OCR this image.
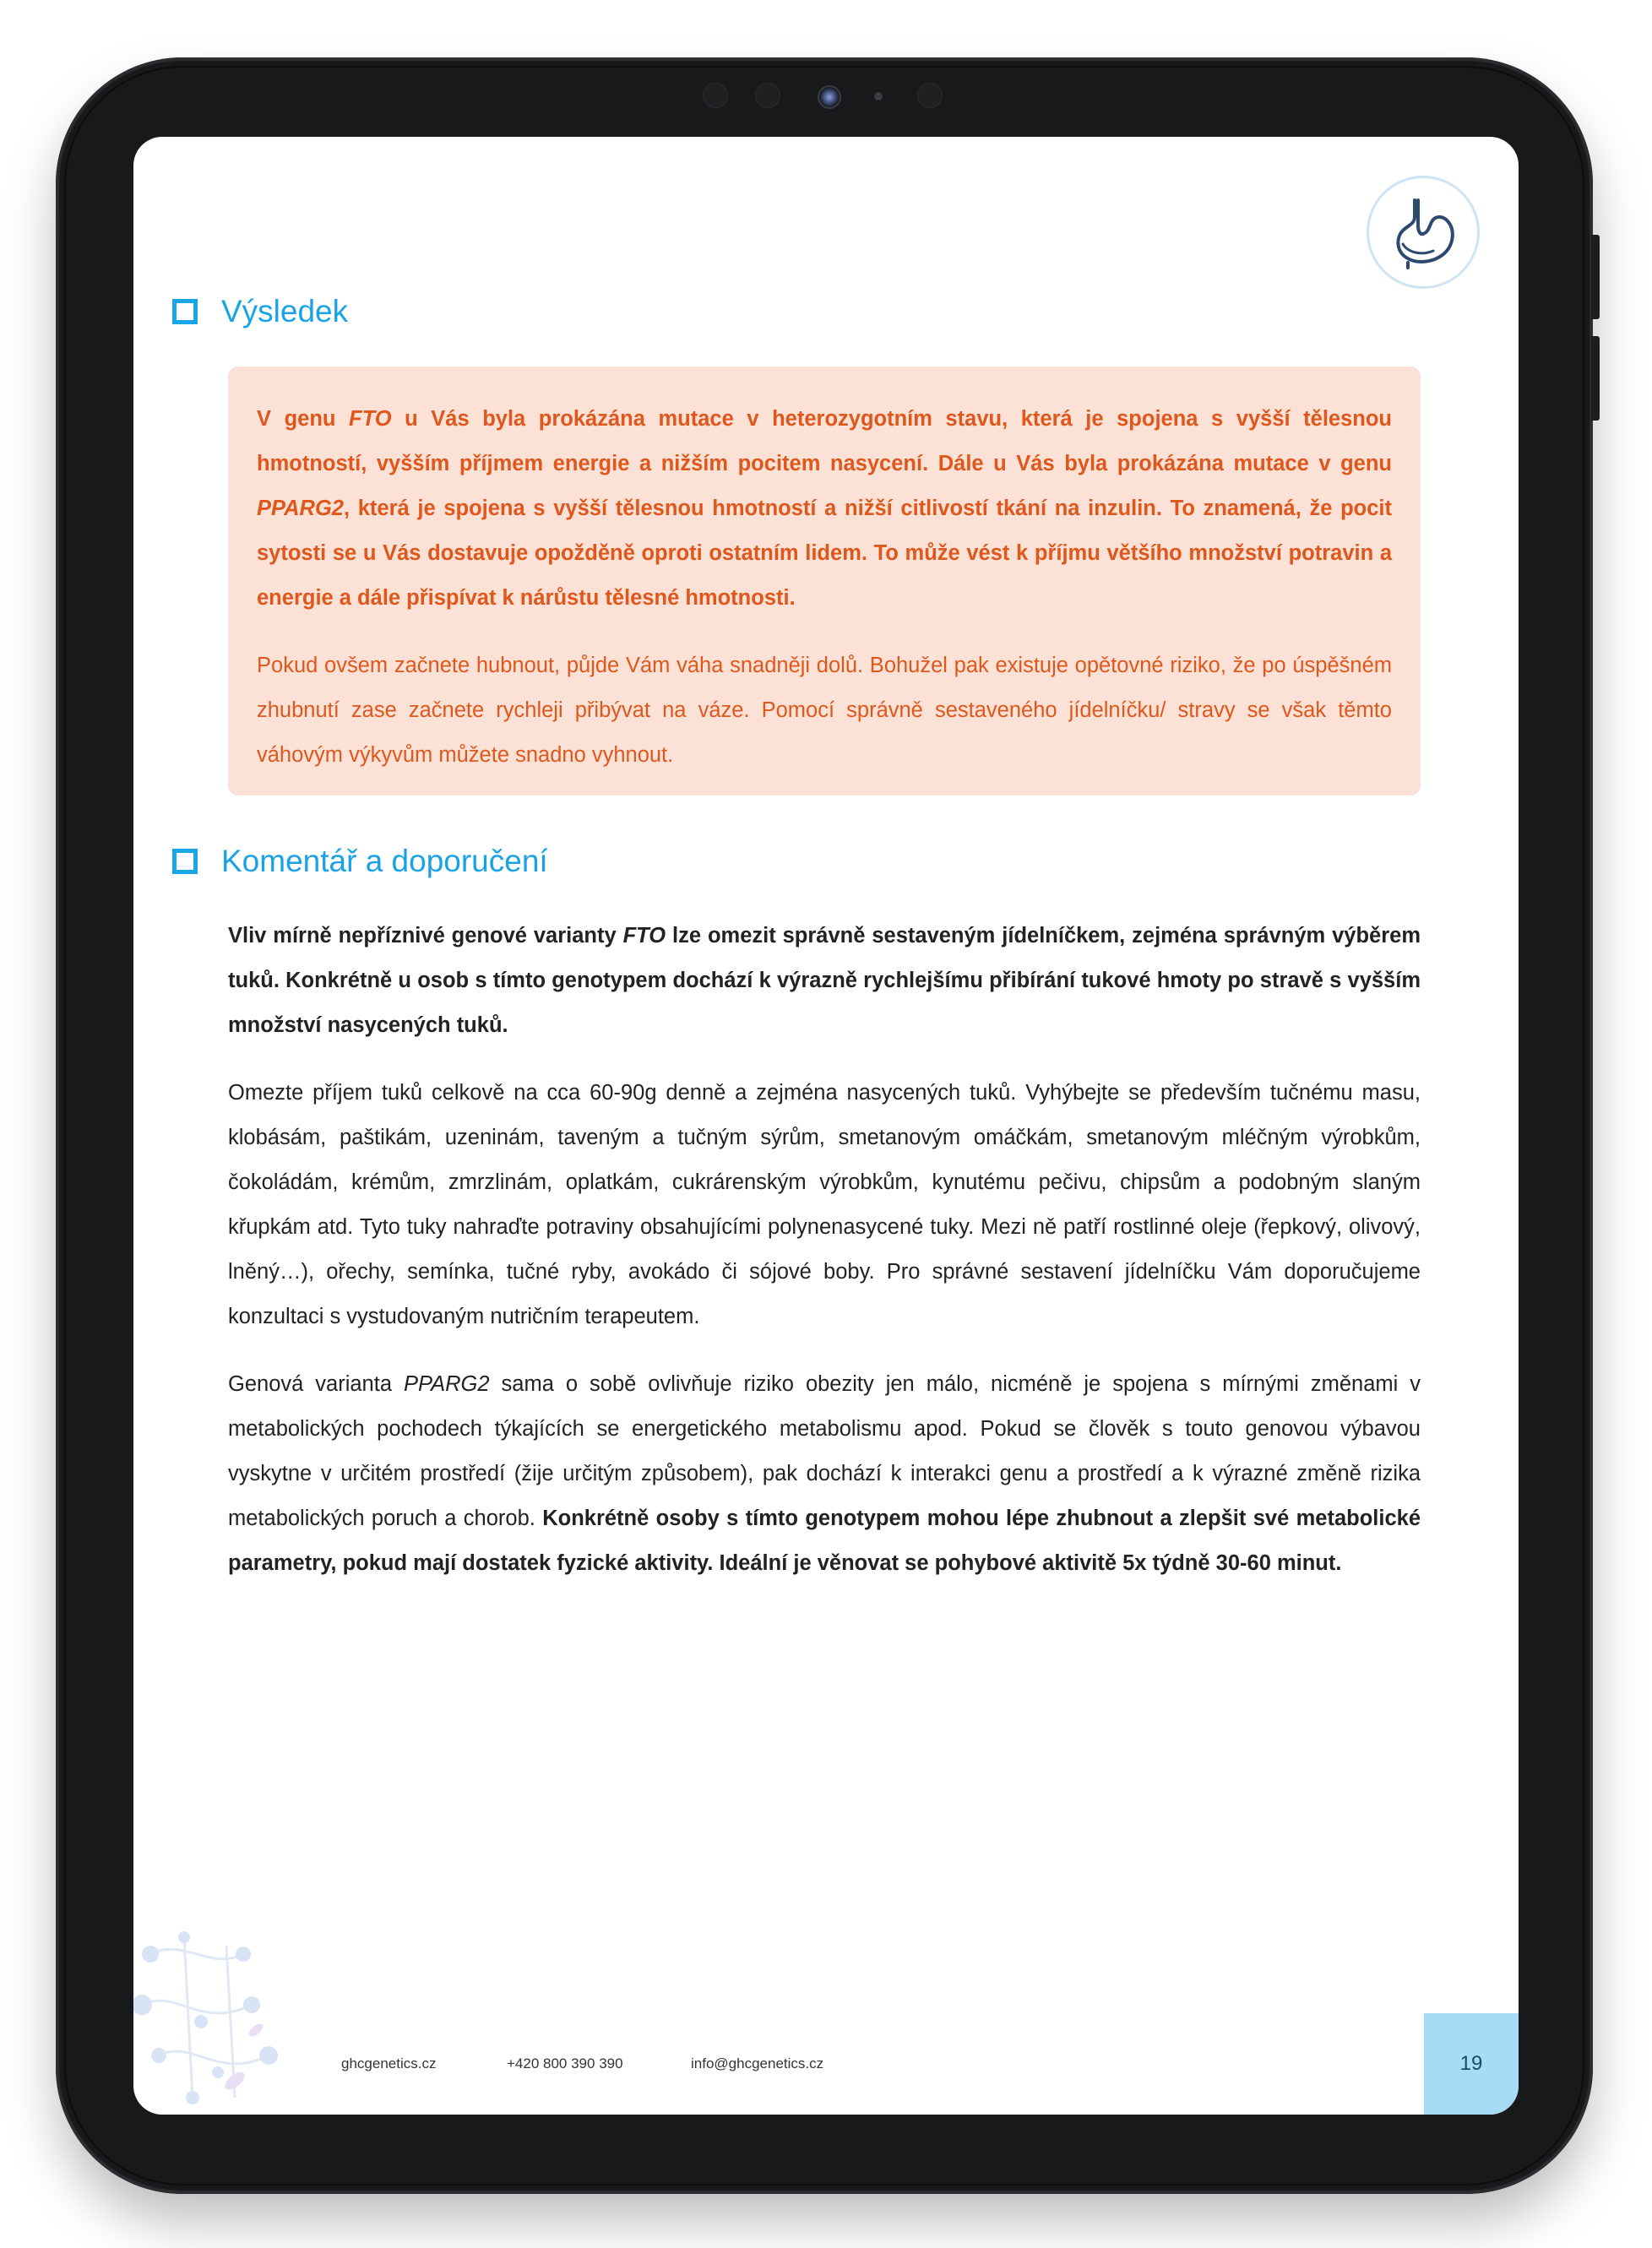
Výsledek

V genu FTO u Vás byla prokázána mutace v heterozygotním stavu, která je spojena s vyšší tělesnou hmotností, vyšším příjmem energie a nižším pocitem nasycení. Dále u Vás byla prokázána mutace v genu PPARG2, která je spojena s vyšší tělesnou hmotností a nižší citlivostí tkání na inzulin. To znamená, že pocit sytosti se u Vás dostavuje opožděně oproti ostatním lidem. To může vést k příjmu většího množství potravin a energie a dále přispívat k nárůstu tělesné hmotnosti.

Pokud ovšem začnete hubnout, půjde Vám váha snadněji dolů. Bohužel pak existuje opětovné riziko, že po úspěšném zhubnutí zase začnete rychleji přibývat na váze. Pomocí správně sestaveného jídelníčku/ stravy se však těmto váhovým výkyvům můžete snadno vyhnout.

Komentář a doporučení

Vliv mírně nepříznivé genové varianty FTO lze omezit správně sestaveným jídelníčkem, zejména správným výběrem tuků. Konkrétně u osob s tímto genotypem dochází k výrazně rychlejšímu přibírání tukové hmoty po stravě s vyšším množství nasycených tuků.

Omezte příjem tuků celkově na cca 60-90g denně a zejména nasycených tuků. Vyhýbejte se především tučnému masu, klobásám, paštikám, uzeninám, taveným a tučným sýrům, smetanovým omáčkám, smetanovým mléčným výrobkům, čokoládám, krémům, zmrzlinám, oplatkám, cukrárenským výrobkům, kynutému pečivu, chipsům a podobným slaným křupkám atd. Tyto tuky nahraďte potraviny obsahujícími polynenasycené tuky. Mezi ně patří rostlinné oleje (řepkový, olivový, lněný…), ořechy, semínka, tučné ryby, avokádo či sójové boby. Pro správné sestavení jídelníčku Vám doporučujeme konzultaci s vystudovaným nutričním terapeutem.

Genová varianta PPARG2 sama o sobě ovlivňuje riziko obezity jen málo, nicméně je spojena s mírnými změnami v metabolických pochodech týkajících se energetického metabolismu apod. Pokud se člověk s touto genovou výbavou vyskytne v určitém prostředí (žije určitým způsobem), pak dochází k interakci genu a prostředí a k výrazné změně rizika metabolických poruch a chorob. Konkrétně osoby s tímto genotypem mohou lépe zhubnout a zlepšit své metabolické parametry, pokud mají dostatek fyzické aktivity. Ideální je věnovat se pohybové aktivitě 5x týdně 30-60 minut.

ghcgenetics.cz	+420 800 390 390	info@ghcgenetics.cz	19
